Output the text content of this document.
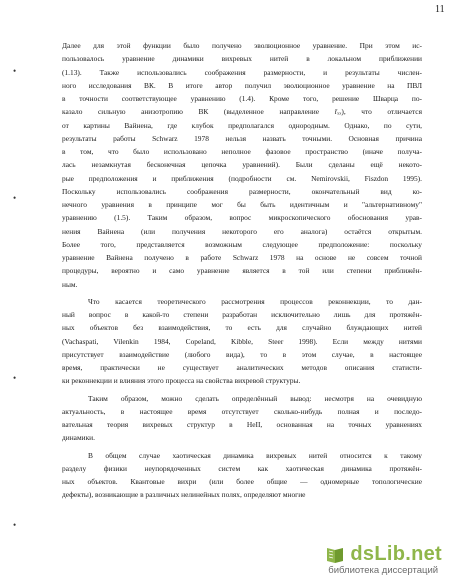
11
•
•
•
•
Далее для этой функции было получено эволюционное уравнение. При этом ис-
пользовалось уравнение динамики вихревых нитей в локальном приближении
(1.13). Также использовались соображения размерности, и результаты числен-
ного исследования ВК. В итоге автор получил эволюционное уравнение на ПВЛ
в точности соответствующее уравнению (1.4). Кроме того, решение Шварца по-
казало сильную анизотропию ВК (выделенное направление r̄ₓₓ), что отличается
от картины Вайнена, где клубок предполагался однородным. Однако, по сути,
результаты работы Schwarz 1978 нельзя назвать точными. Основная причина
в том, что было использовано неполное фазовое пространство (иначе получа-
лась незамкнутая бесконечная цепочка уравнений). Были сделаны ещё некото-
рые предположения и приближения (подробности см. Nemirovskii, Fiszdon 1995).
Поскольку использовались соображения размерности, окончательный вид ко-
нечного уравнения в принципе мог бы быть идентичным и "альтернативному"
уравнению (1.5). Таким образом, вопрос микроскопического обоснования урав-
нения Вайнена (или получения некоторого его аналога) остаётся открытым.
Более того, представляется возможным следующее предположение: поскольку
уравнение Вайнена получено в работе Schwarz 1978 на основе не совсем точной
процедуры, вероятно и само уравнение является в той или степени приближён-
ным.
Что касается теоретического рассмотрения процессов реконнекции, то дан-
ный вопрос в какой-то степени разработан исключительно лишь для протяжён-
ных объектов без взаимодействия, то есть для случайно блуждающих нитей
(Vachaspati, Vilenkin 1984, Copeland, Kibble, Steer 1998). Если между нитями
присутствует взаимодействие (любого вида), то в этом случае, в настоящее
время, практически не существует аналитических методов описания статисти-
ки реконнекции и влияния этого процесса на свойства вихревой структуры.
Таким образом, можно сделать определённый вывод: несмотря на очевидную
актуальность, в настоящее время отсутствует сколько-нибудь полная и последо-
вательная теория вихревых структур в HeII, основанная на точных уравнениях
динамики.
В общем случае хаотическая динамика вихревых нитей относится к такому
разделу физики неупорядоченных систем как хаотическая динамика протяжён-
ных объектов. Квантовые вихри (или более общие — одномерные топологические
дефекты), возникающие в различных нелинейных полях, определяют многие
dsLib.net
библиотека диссертаций
